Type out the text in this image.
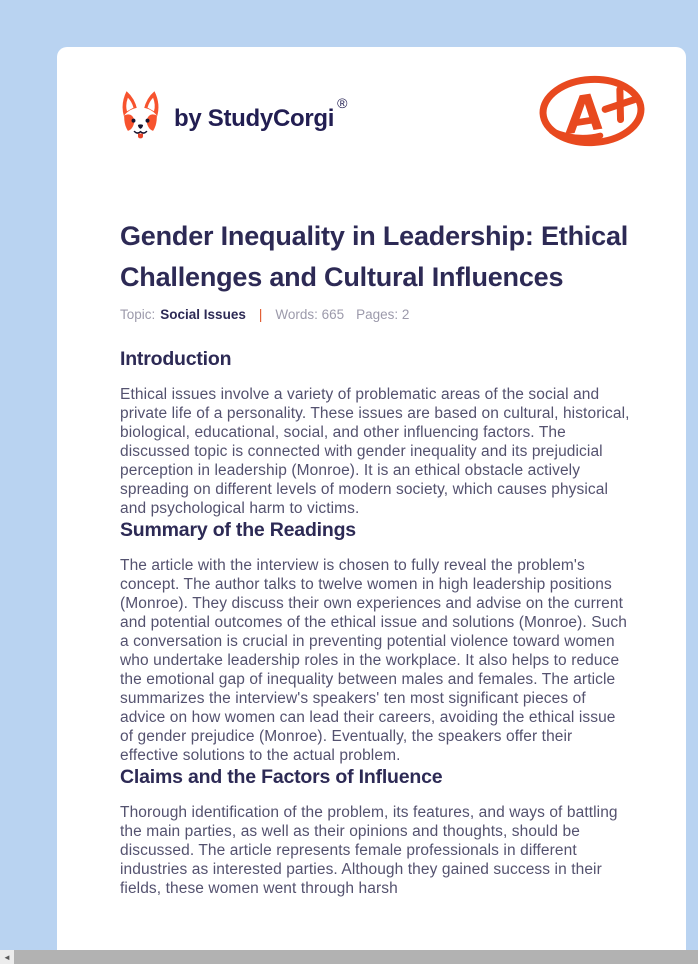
by StudyCorgi®	A
Gender Inequality in Leadership: Ethical Challenges and Cultural Influences
Topic: Social Issues | Words: 665 Pages: 2
Introduction

Ethical issues involve a variety of problematic areas of the social and private life of a personality. These issues are based on cultural, historical, biological, educational, social, and other influencing factors. The discussed topic is connected with gender inequality and its prejudicial perception in leadership (Monroe). It is an ethical obstacle actively spreading on different levels of modern society, which causes physical and psychological harm to victims.

Summary of the Readings

The article with the interview is chosen to fully reveal the problem's concept. The author talks to twelve women in high leadership positions (Monroe). They discuss their own experiences and advise on the current and potential outcomes of the ethical issue and solutions (Monroe). Such a conversation is crucial in preventing potential violence toward women who undertake leadership roles in the workplace. It also helps to reduce the emotional gap of inequality between males and females. The article summarizes the interview's speakers' ten most significant pieces of advice on how women can lead their careers, avoiding the ethical issue of gender prejudice (Monroe). Eventually, the speakers offer their effective solutions to the actual problem.

Claims and the Factors of Influence

Thorough identification of the problem, its features, and ways of battling the main parties, as well as their opinions and thoughts, should be discussed. The article represents female professionals in different industries as interested parties. Although they gained success in their fields, these women went through harsh

◄
